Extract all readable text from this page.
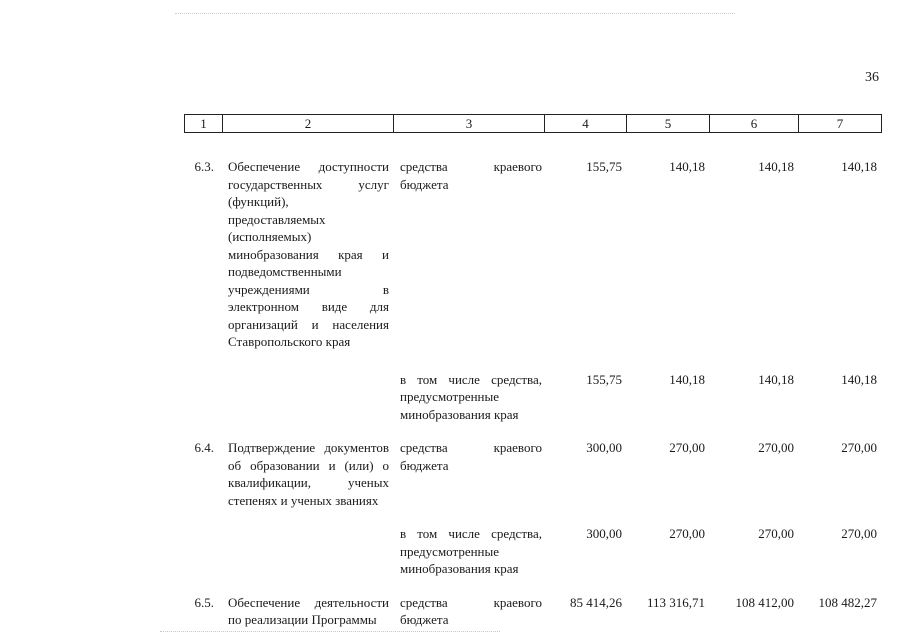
36
1	2	3	4	5	6	7
6.3.	Обеспечение доступности государственных услуг (функций), предоставляемых (исполняемых) минобразования края и подведомственными учреждениями в электронном виде для организаций и населения Ставропольского края	средства краевого бюджета	155,75	140,18	140,18	140,18
		в том числе средства, предусмотренные минобразования края	155,75	140,18	140,18	140,18
6.4.	Подтверждение документов об образовании и (или) о квалификации, ученых степенях и ученых званиях	средства краевого бюджета	300,00	270,00	270,00	270,00
		в том числе средства, предусмотренные минобразования края	300,00	270,00	270,00	270,00
6.5.	Обеспечение деятельности по реализации Программы	средства краевого бюджета	85 414,26	113 316,71	108 412,00	108 482,27
